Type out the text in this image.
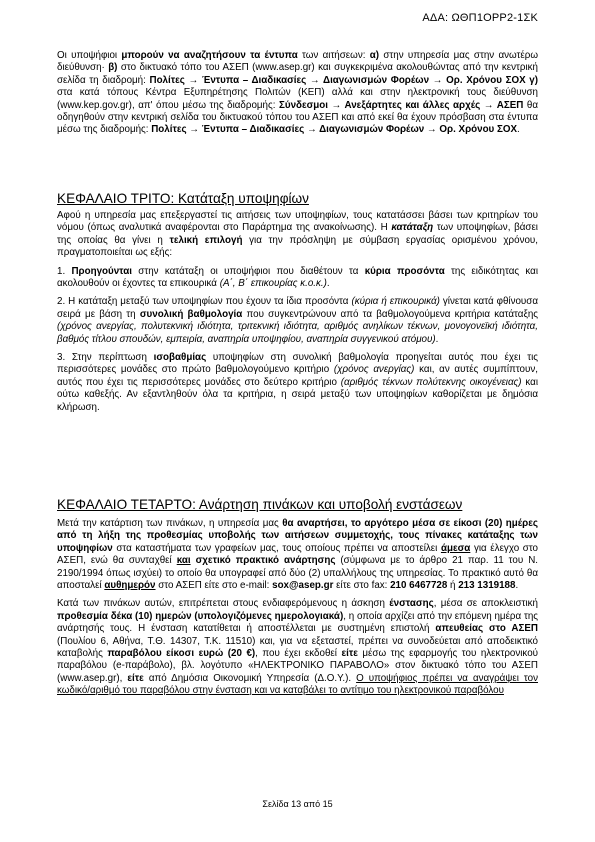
ΑΔΑ: ΩΘΠ1ΟΡΡ2-1ΣΚ

Οι υποψήφιοι μπορούν να αναζητήσουν τα έντυπα των αιτήσεων: α) στην υπηρεσία μας στην ανωτέρω διεύθυνση· β) στο δικτυακό τόπο του ΑΣΕΠ (www.asep.gr) και συγκεκριμένα ακολουθώντας από την κεντρική σελίδα τη διαδρομή: Πολίτες → Έντυπα – Διαδικασίες → Διαγωνισμών Φορέων → Ορ. Χρόνου ΣΟΧ γ) στα κατά τόπους Κέντρα Εξυπηρέτησης Πολιτών (ΚΕΠ) αλλά και στην ηλεκτρονική τους διεύθυνση (www.kep.gov.gr), απ' όπου μέσω της διαδρομής: Σύνδεσμοι → Ανεξάρτητες και άλλες αρχές → ΑΣΕΠ θα οδηγηθούν στην κεντρική σελίδα του δικτυακού τόπου του ΑΣΕΠ και από εκεί θα έχουν πρόσβαση στα έντυπα μέσω της διαδρομής: Πολίτες → Έντυπα – Διαδικασίες → Διαγωνισμών Φορέων → Ορ. Χρόνου ΣΟΧ.

ΚΕΦΑΛΑΙΟ ΤΡΙΤΟ: Κατάταξη υποψηφίων

Αφού η υπηρεσία μας επεξεργαστεί τις αιτήσεις των υποψηφίων, τους κατατάσσει βάσει των κριτηρίων του νόμου (όπως αναλυτικά αναφέρονται στο Παράρτημα της ανακοίνωσης). Η κατάταξη των υποψηφίων, βάσει της οποίας θα γίνει η τελική επιλογή για την πρόσληψη με σύμβαση εργασίας ορισμένου χρόνου, πραγματοποιείται ως εξής:

1. Προηγούνται στην κατάταξη οι υποψήφιοι που διαθέτουν τα κύρια προσόντα της ειδικότητας και ακολουθούν οι έχοντες τα επικουρικά (Α΄, Β΄ επικουρίας κ.ο.κ.).

2. Η κατάταξη μεταξύ των υποψηφίων που έχουν τα ίδια προσόντα (κύρια ή επικουρικά) γίνεται κατά φθίνουσα σειρά με βάση τη συνολική βαθμολογία που συγκεντρώνουν από τα βαθμολογούμενα κριτήρια κατάταξης (χρόνος ανεργίας, πολυτεκνική ιδιότητα, τριτεκνική ιδιότητα, αριθμός ανηλίκων τέκνων, μονογονεϊκή ιδιότητα, βαθμός τίτλου σπουδών, εμπειρία, αναπηρία υποψηφίου, αναπηρία συγγενικού ατόμου).

3. Στην περίπτωση ισοβαθμίας υποψηφίων στη συνολική βαθμολογία προηγείται αυτός που έχει τις περισσότερες μονάδες στο πρώτο βαθμολογούμενο κριτήριο (χρόνος ανεργίας) και, αν αυτές συμπίπτουν, αυτός που έχει τις περισσότερες μονάδες στο δεύτερο κριτήριο (αριθμός τέκνων πολύτεκνης οικογένειας) και ούτω καθεξής. Αν εξαντληθούν όλα τα κριτήρια, η σειρά μεταξύ των υποψηφίων καθορίζεται με δημόσια κλήρωση.

ΚΕΦΑΛΑΙΟ ΤΕΤΑΡΤΟ: Ανάρτηση πινάκων και υποβολή ενστάσεων

Μετά την κατάρτιση των πινάκων, η υπηρεσία μας θα αναρτήσει, το αργότερο μέσα σε είκοσι (20) ημέρες από τη λήξη της προθεσμίας υποβολής των αιτήσεων συμμετοχής, τους πίνακες κατάταξης των υποψηφίων στα καταστήματα των γραφείων μας, τους οποίους πρέπει να αποστείλει άμεσα για έλεγχο στο ΑΣΕΠ, ενώ θα συνταχθεί και σχετικό πρακτικό ανάρτησης (σύμφωνα με το άρθρο 21 παρ. 11 του Ν. 2190/1994 όπως ισχύει) το οποίο θα υπογραφεί από δύο (2) υπαλλήλους της υπηρεσίας. Το πρακτικό αυτό θα αποσταλεί αυθημερόν στο ΑΣΕΠ είτε στο e-mail: sox@asep.gr είτε στο fax: 210 6467728 ή 213 1319188.

Κατά των πινάκων αυτών, επιτρέπεται στους ενδιαφερόμενους η άσκηση ένστασης, μέσα σε αποκλειστική προθεσμία δέκα (10) ημερών (υπολογιζόμενες ημερολογιακά), η οποία αρχίζει από την επόμενη ημέρα της ανάρτησής τους. Η ένσταση κατατίθεται ή αποστέλλεται με συστημένη επιστολή απευθείας στο ΑΣΕΠ (Πουλίου 6, Αθήνα, Τ.Θ. 14307, Τ.Κ. 11510) και, για να εξεταστεί, πρέπει να συνοδεύεται από αποδεικτικό καταβολής παραβόλου είκοσι ευρώ (20 €), που έχει εκδοθεί είτε μέσω της εφαρμογής του ηλεκτρονικού παραβόλου (e-παράβολο), βλ. λογότυπο «ΗΛΕΚΤΡΟΝΙΚΟ ΠΑΡΑΒΟΛΟ» στον δικτυακό τόπο του ΑΣΕΠ (www.asep.gr), είτε από Δημόσια Οικονομική Υπηρεσία (Δ.Ο.Υ.). Ο υποψήφιος πρέπει να αναγράψει τον κωδικό/αριθμό του παραβόλου στην ένσταση και να καταβάλει το αντίτιμο του ηλεκτρονικού παραβόλου

Σελίδα 13 από 15
